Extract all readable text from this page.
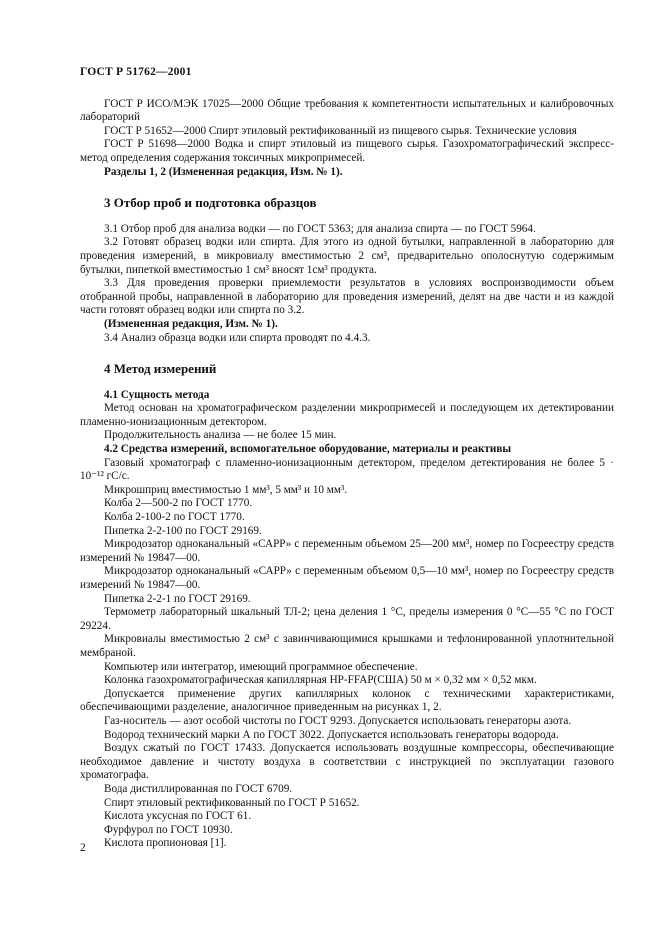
ГОСТ Р 51762—2001

ГОСТ Р ИСО/МЭК 17025—2000 Общие требования к компетентности испытательных и калибровочных лабораторий

ГОСТ Р 51652—2000 Спирт этиловый ректификованный из пищевого сырья. Технические условия

ГОСТ Р 51698—2000 Водка и спирт этиловый из пищевого сырья. Газохроматографический экспресс-метод определения содержания токсичных микропримесей.

Разделы 1, 2 (Измененная редакция, Изм. № 1).

3 Отбор проб и подготовка образцов

3.1 Отбор проб для анализа водки — по ГОСТ 5363; для анализа спирта — по ГОСТ 5964.

3.2 Готовят образец водки или спирта. Для этого из одной бутылки, направленной в лабораторию для проведения измерений, в микровиалу вместимостью 2 см³, предварительно ополоснутую содержимым бутылки, пипеткой вместимостью 1 см³ вносят 1см³ продукта.

3.3 Для проведения проверки приемлемости результатов в условиях воспроизводимости объем отобранной пробы, направленной в лабораторию для проведения измерений, делят на две части и из каждой части готовят образец водки или спирта по 3.2.

(Измененная редакция, Изм. № 1).

3.4 Анализ образца водки или спирта проводят по 4.4.3.

4 Метод измерений

4.1 Сущность метода

Метод основан на хроматографическом разделении микропримесей и последующем их детектировании пламенно-ионизационным детектором.

Продолжительность анализа — не более 15 мин.

4.2 Средства измерений, вспомогательное оборудование, материалы и реактивы

Газовый хроматограф с пламенно-ионизационным детектором, пределом детектирования не более 5 · 10⁻¹² гС/с.

Микрошприц вместимостью 1 мм³, 5 мм³ и 10 мм³.

Колба 2—500-2 по ГОСТ 1770.

Колба 2-100-2 по ГОСТ 1770.

Пипетка 2-2-100 по ГОСТ 29169.

Микродозатор одноканальный «САРР» с переменным объемом 25—200 мм³, номер по Госреестру средств измерений № 19847—00.

Микродозатор одноканальный «САРР» с переменным объемом 0,5—10 мм³, номер по Госреестру средств измерений № 19847—00.

Пипетка 2-2-1 по ГОСТ 29169.

Термометр лабораторный шкальный ТЛ-2; цена деления 1 °С, пределы измерения 0 °С—55 °С по ГОСТ 29224.

Микровиалы вместимостью 2 см³ с завинчивающимися крышками и тефлонированной уплотнительной мембраной.

Компьютер или интегратор, имеющий программное обеспечение.

Колонка газохроматографическая капиллярная HP-FFAP(США) 50 м × 0,32 мм × 0,52 мкм.

Допускается применение других капиллярных колонок с техническими характеристиками, обеспечивающими разделение, аналогичное приведенным на рисунках 1, 2.

Газ-носитель — азот особой чистоты по ГОСТ 9293. Допускается использовать генераторы азота.

Водород технический марки А по ГОСТ 3022. Допускается использовать генераторы водорода.

Воздух сжатый по ГОСТ 17433. Допускается использовать воздушные компрессоры, обеспечивающие необходимое давление и чистоту воздуха в соответствии с инструкцией по эксплуатации газового хроматографа.

Вода дистиллированная по ГОСТ 6709.

Спирт этиловый ректификованный по ГОСТ Р 51652.

Кислота уксусная по ГОСТ 61.

Фурфурол по ГОСТ 10930.

Кислота пропионовая [1].

2
